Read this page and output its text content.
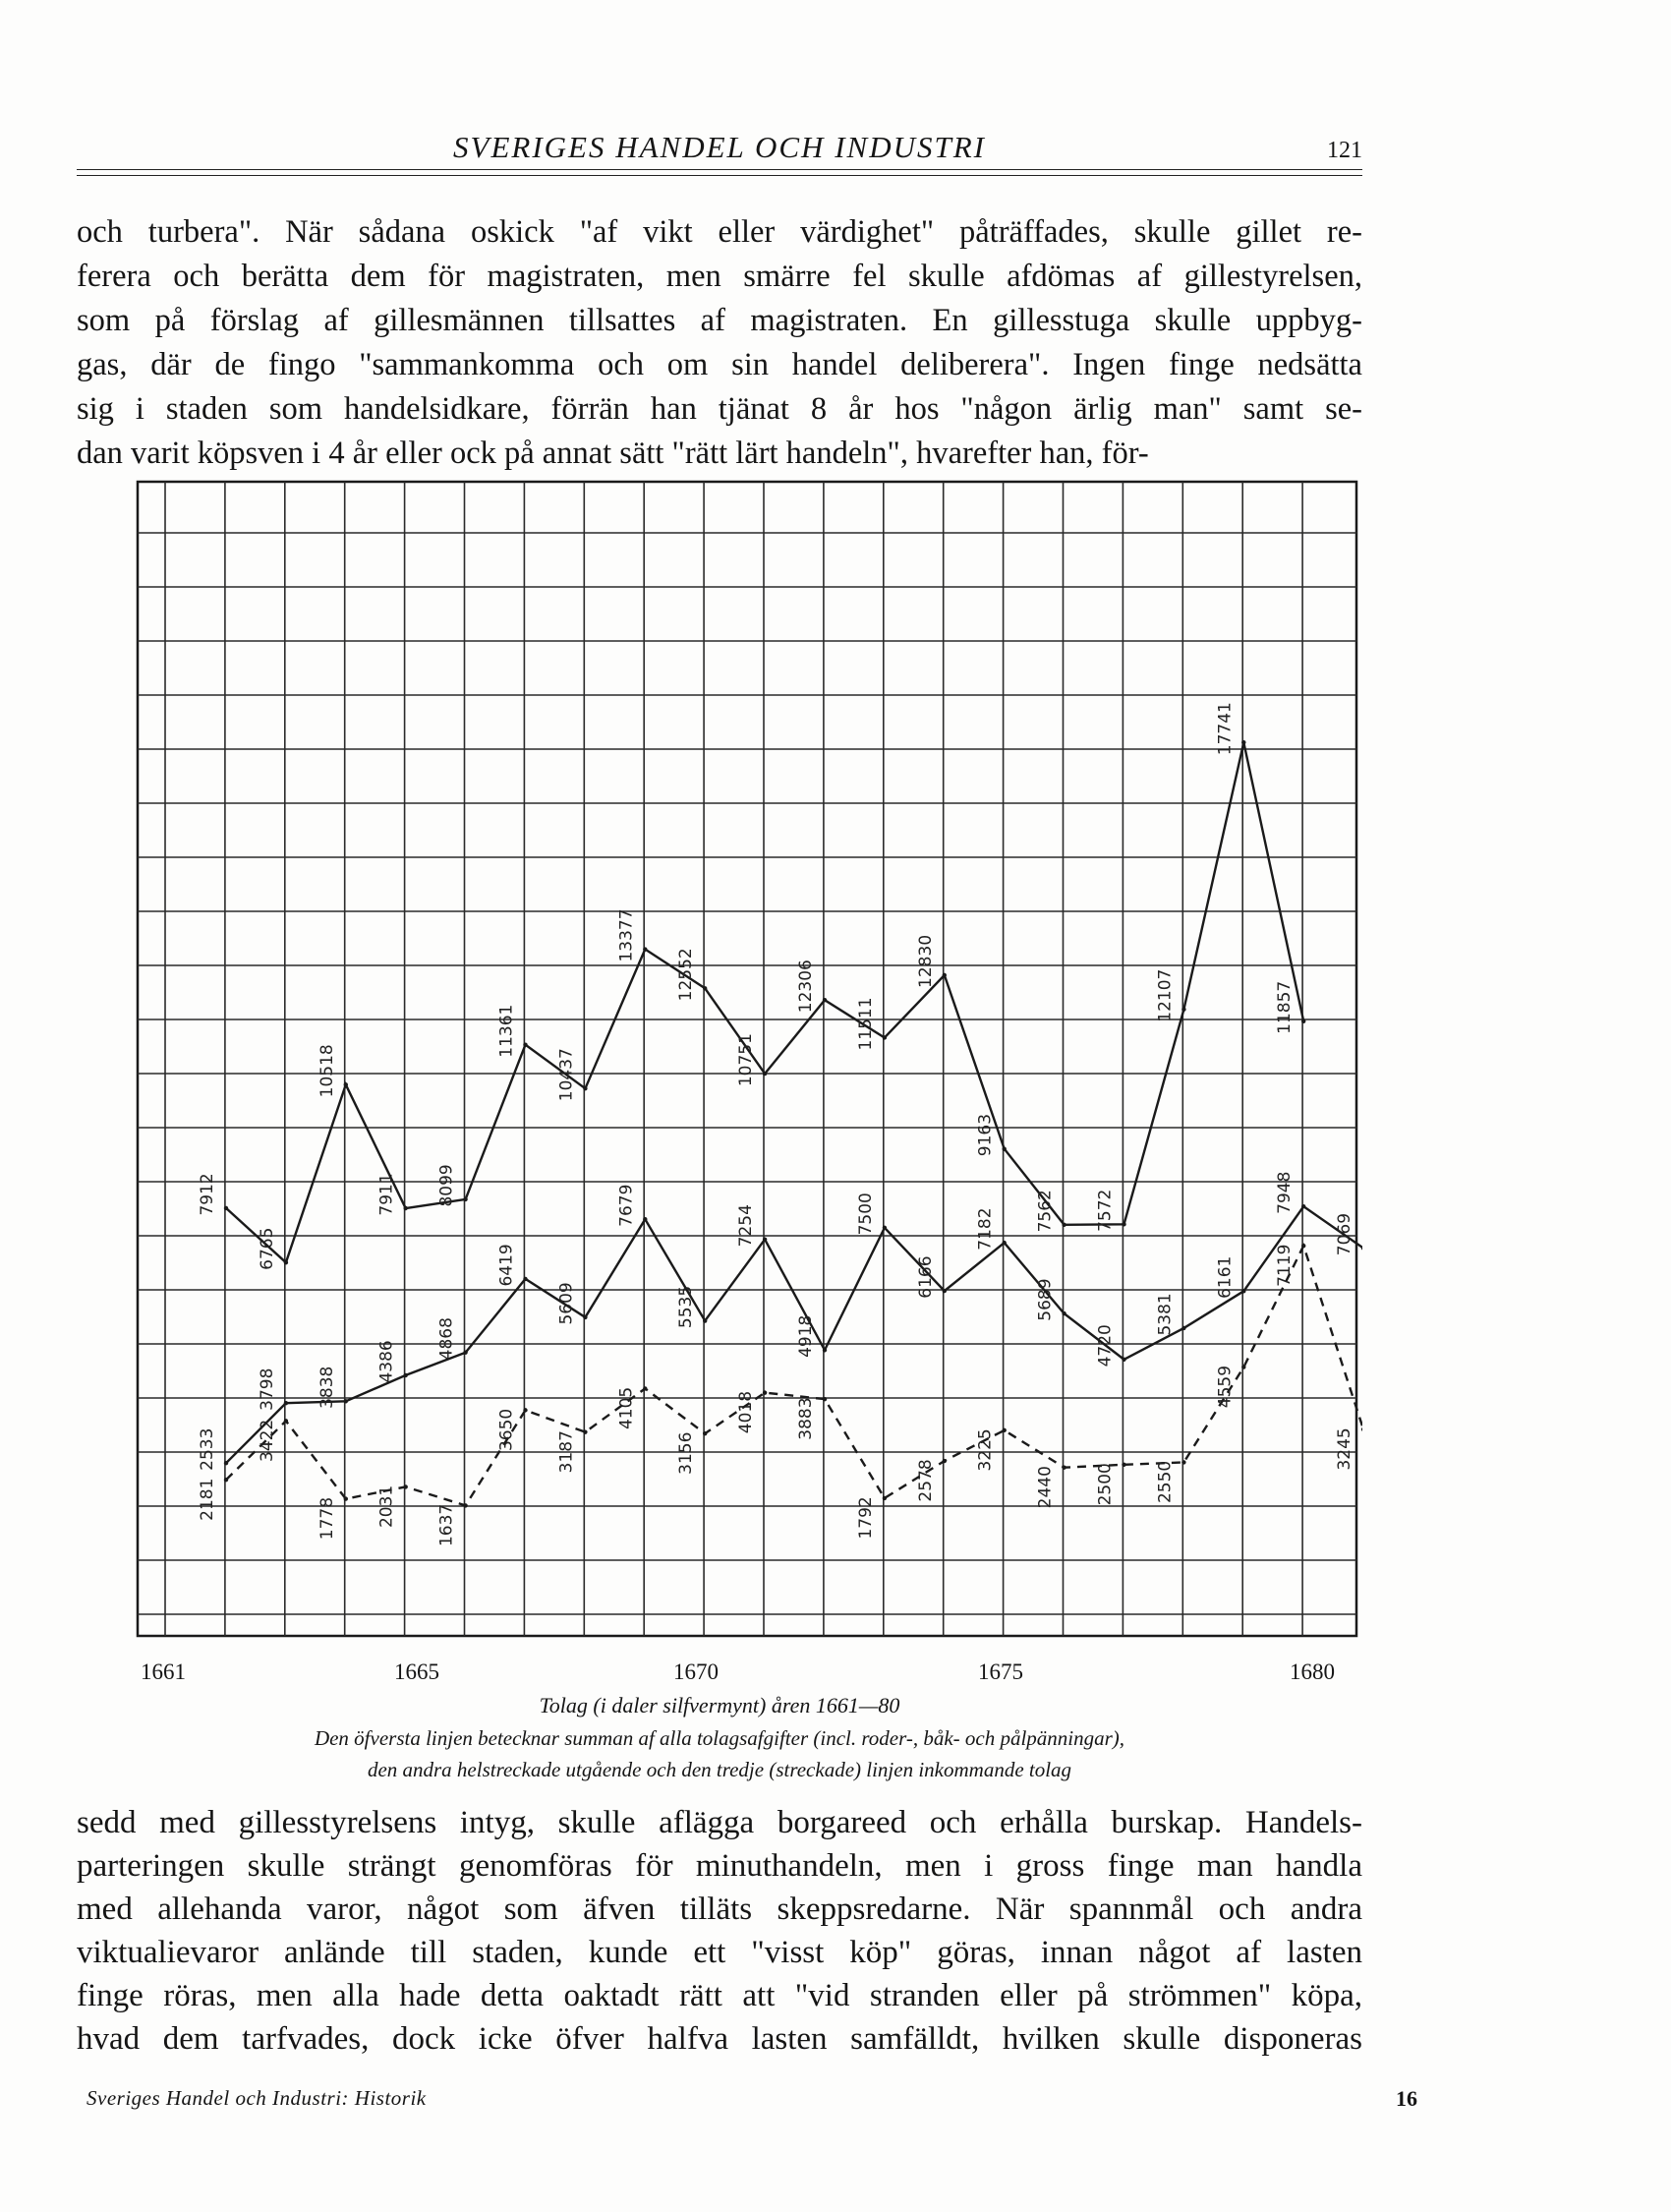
SVERIGES HANDEL OCH INDUSTRI	121
och turbera". När sådana oskick "af vikt eller värdighet" påträffades, skulle gillet re-
ferera och berätta dem för magistraten, men smärre fel skulle afdömas af gillestyrelsen,
som på förslag af gillesmännen tillsattes af magistraten. En gillesstuga skulle uppbyg-
gas, där de fingo "sammankomma och om sin handel deliberera". Ingen finge nedsätta
sig i staden som handelsidkare, förrän han tjänat 8 år hos "någon ärlig man" samt se-
dan varit köpsven i 4 år eller ock på annat sätt "rätt lärt handeln", hvarefter han, för-
7912
6765
10518
7911 8099
11361
10437
13377
12552
10751
12306
11511
12830
9163
7562 7572
12107
17741
11857
2533
3798 3838
4386
4868
6419
5609
7679
5535
7254
4918
7500
6166
7182
5689
4720
5381
6161
7948
7069
2181
3422
1778 2031 1637
3650
3187
4105
3156
4018 3883
1792
2578
3225
2440 2500 2550
4559
7119
3245
1661	1665	1670	1675	1680
Tolag (i daler silfvermynt) åren 1661—80
Den öfversta linjen betecknar summan af alla tolagsafgifter (incl. roder-, båk- och pålpänningar),
den andra helstreckade utgående och den tredje (streckade) linjen inkommande tolag
sedd med gillesstyrelsens intyg, skulle aflägga borgareed och erhålla burskap. Handels-
parteringen skulle strängt genomföras för minuthandeln, men i gross finge man handla
med allehanda varor, något som äfven tilläts skeppsredarne. När spannmål och andra
viktualievaror anlände till staden, kunde ett "visst köp" göras, innan något af lasten
finge röras, men alla hade detta oaktadt rätt att "vid stranden eller på strömmen" köpa,
hvad dem tarfvades, dock icke öfver halfva lasten samfälldt, hvilken skulle disponeras
Sveriges Handel och Industri: Historik	16
